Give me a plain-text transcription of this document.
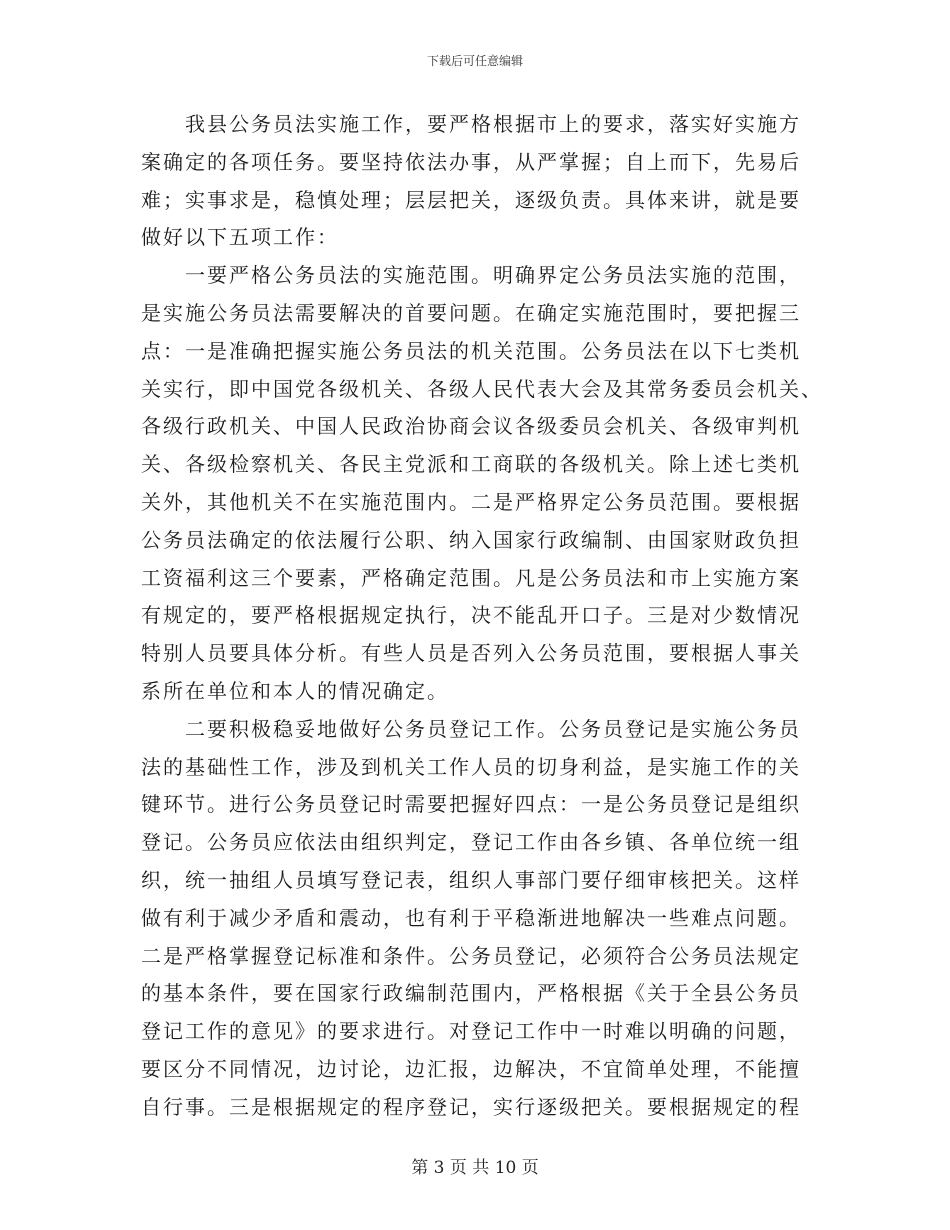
下载后可任意编辑
　　我县公务员法实施工作，要严格根据市上的要求，落实好实施方
案确定的各项任务。要坚持依法办事，从严掌握；自上而下，先易后
难；实事求是，稳慎处理；层层把关，逐级负责。具体来讲，就是要
做好以下五项工作：
　　一要严格公务员法的实施范围。明确界定公务员法实施的范围，
是实施公务员法需要解决的首要问题。在确定实施范围时，要把握三
点：一是准确把握实施公务员法的机关范围。公务员法在以下七类机
关实行，即中国党各级机关、各级人民代表大会及其常务委员会机关、
各级行政机关、中国人民政治协商会议各级委员会机关、各级审判机
关、各级检察机关、各民主党派和工商联的各级机关。除上述七类机
关外，其他机关不在实施范围内。二是严格界定公务员范围。要根据
公务员法确定的依法履行公职、纳入国家行政编制、由国家财政负担
工资福利这三个要素，严格确定范围。凡是公务员法和市上实施方案
有规定的，要严格根据规定执行，决不能乱开口子。三是对少数情况
特别人员要具体分析。有些人员是否列入公务员范围，要根据人事关
系所在单位和本人的情况确定。
　　二要积极稳妥地做好公务员登记工作。公务员登记是实施公务员
法的基础性工作，涉及到机关工作人员的切身利益，是实施工作的关
键环节。进行公务员登记时需要把握好四点：一是公务员登记是组织
登记。公务员应依法由组织判定，登记工作由各乡镇、各单位统一组
织，统一抽组人员填写登记表，组织人事部门要仔细审核把关。这样
做有利于减少矛盾和震动，也有利于平稳渐进地解决一些难点问题。
二是严格掌握登记标准和条件。公务员登记，必须符合公务员法规定
的基本条件，要在国家行政编制范围内，严格根据《关于全县公务员
登记工作的意见》的要求进行。对登记工作中一时难以明确的问题，
要区分不同情况，边讨论，边汇报，边解决，不宜简单处理，不能擅
自行事。三是根据规定的程序登记，实行逐级把关。要根据规定的程
第 3 页 共 10 页
